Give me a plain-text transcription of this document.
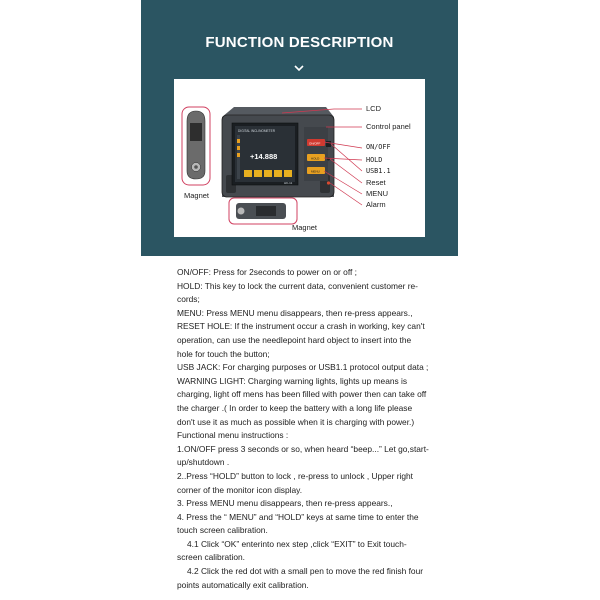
FUNCTION DESCRIPTION
DIGITAL INCLINOMETER
+14.888
HK-11
ON/OFF
HOLD
MENU
LCD
Control panel
ON/OFF
HOLD
USB1.1
Reset
MENU
Alarm
Magnet
Magnet

ON/OFF: Press for 2seconds to power on or off ;

HOLD: This key to lock the current data, convenient customer re-cords;

MENU: Press MENU menu disappears, then re-press appears.,

RESET HOLE: If the instrument occur a crash in working, key can't operation, can use the needlepoint hard object to insert into the hole for touch the button;

USB JACK: For charging purposes or USB1.1 protocol output data ;

WARNING LIGHT: Charging warning lights, lights up means is charging, light off mens has been filled with power then can take off the charger .( In order to keep the battery with a long life please don't use it as much as possible when it is charging with power.)

Functional menu instructions :

1.ON/OFF press 3 seconds or so, when heard “beep...” Let go,start-up/shutdown .

2..Press “HOLD” button to lock , re-press to unlock , Upper right corner of the monitor icon display.

3. Press MENU menu disappears, then re-press appears.,

4. Press the “ MENU” and “HOLD” keys at same time to enter the touch screen calibration.

4.1 Click “OK” enterinto nex step ,click “EXIT” to Exit touch-screen calibration.

4.2 Click the red dot with a small pen to move the red finish four points automatically exit calibration.
